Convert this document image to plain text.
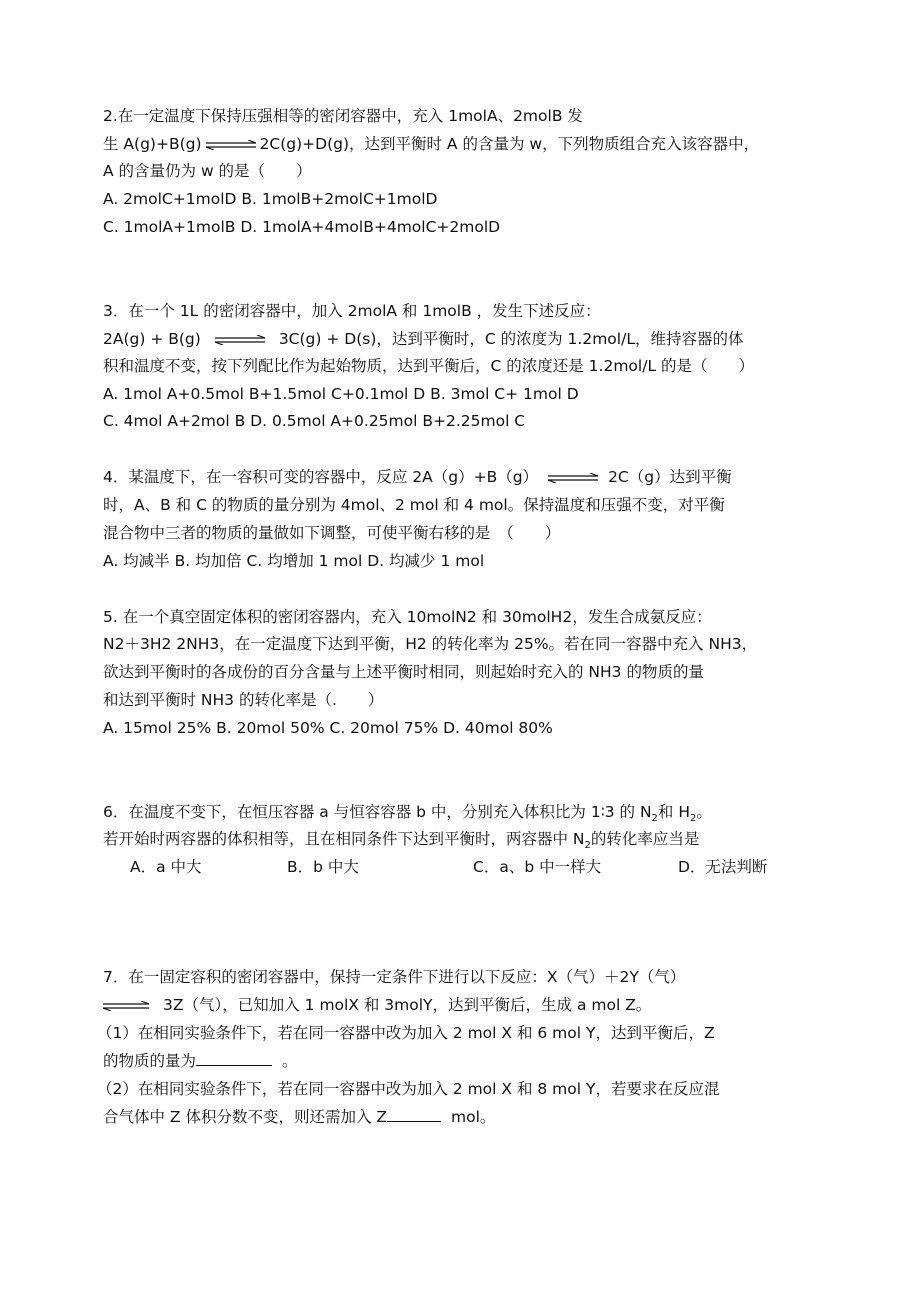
2.在一定温度下保持压强相等的密闭容器中，充入 1molA、2molB 发
生 A(g)+B(g) ⇌ 2C(g)+D(g)，达到平衡时 A 的含量为 w，下列物质组合充入该容器中，
A 的含量仍为 w 的是（　　）
A. 2molC+1molD B. 1molB+2molC+1molD
C. 1molA+1molB D. 1molA+4molB+4molC+2molD
3．在一个 1L 的密闭容器中，加入 2molA 和 1molB ，发生下述反应：
2A(g) + B(g) ⇌ 3C(g) + D(s)，达到平衡时，C 的浓度为 1.2mol/L，维持容器的体
积和温度不变，按下列配比作为起始物质，达到平衡后，C 的浓度还是 1.2mol/L 的是（　　）
A. 1mol A+0.5mol B+1.5mol C+0.1mol D B. 3mol C+ 1mol D
C. 4mol A+2mol B D. 0.5mol A+0.25mol B+2.25mol C
4．某温度下，在一容积可变的容器中，反应 2A（g）+B（g） ⇌ 2C（g）达到平衡
时，A、B 和 C 的物质的量分别为 4mol、2 mol 和 4 mol。保持温度和压强不变，对平衡
混合物中三者的物质的量做如下调整，可使平衡右移的是　（　　）
A. 均减半 B. 均加倍 C. 均增加 1 mol D. 均减少 1 mol
5. 在一个真空固定体积的密闭容器内，充入 10molN2 和 30molH2，发生合成氨反应：
N2＋3H2 2NH3，在一定温度下达到平衡，H2 的转化率为 25%。若在同一容器中充入 NH3，
欲达到平衡时的各成份的百分含量与上述平衡时相同，则起始时充入的 NH3 的物质的量
和达到平衡时 NH3 的转化率是（.　　）
A. 15mol 25% B. 20mol 50% C. 20mol 75% D. 40mol 80%
6．在温度不变下，在恒压容器 a 与恒容容器 b 中，分别充入体积比为 1∶3 的 $N_2$和 $H_2$。
若开始时两容器的体积相等，且在相同条件下达到平衡时，两容器中 $N_2$的转化率应当是
A．a 中大	B．b 中大	C．a、b 中一样大	D．无法判断
7．在一固定容积的密闭容器中，保持一定条件下进行以下反应：X（气）＋2Y（气）
⇌ 3Z（气），已知加入 1 molX 和 3molY，达到平衡后，生成 a mol Z。
（1）在相同实验条件下，若在同一容器中改为加入 2 mol X 和 6 mol Y，达到平衡后，Z
的物质的量为	。
（2）在相同实验条件下，若在同一容器中改为加入 2 mol X 和 8 mol Y，若要求在反应混
合气体中 Z 体积分数不变，则还需加入 Z	mol。
